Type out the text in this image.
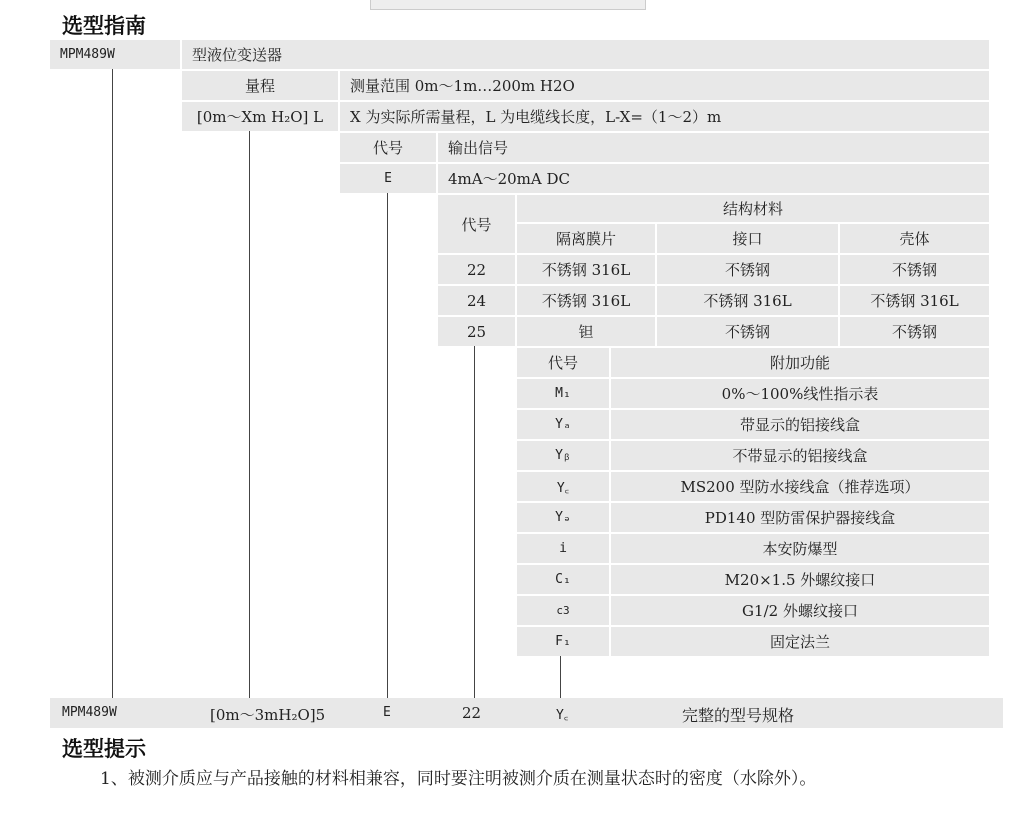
选型指南
MPM489W	型液位变送器
量程	测量范围 0m～1m…200m H2O
[0m～Xm H₂O] L	X 为实际所需量程，L 为电缆线长度，L-X=（1～2）m
代号	输出信号
E	4mA～20mA DC
代号
结构材料
隔离膜片	接口	壳体
22	不锈钢 316L	不锈钢	不锈钢
24	不锈钢 316L	不锈钢 316L	不锈钢 316L
25	钽	不锈钢	不锈钢
代号	附加功能
M₁	0%～100%线性指示表
Yₐ	带显示的铝接线盒
Yᵦ	不带显示的铝接线盒
Y꜀	MS200 型防水接线盒（推荐选项）
Yₔ	PD140 型防雷保护器接线盒
i	本安防爆型
C₁	M20×1.5 外螺纹接口
c3	G1/2 外螺纹接口
F₁	固定法兰
MPM489W	[0m～3mH₂O]5	E	22	Y꜀	完整的型号规格
选型提示
1、被测介质应与产品接触的材料相兼容，同时要注明被测介质在测量状态时的密度（水除外）。
